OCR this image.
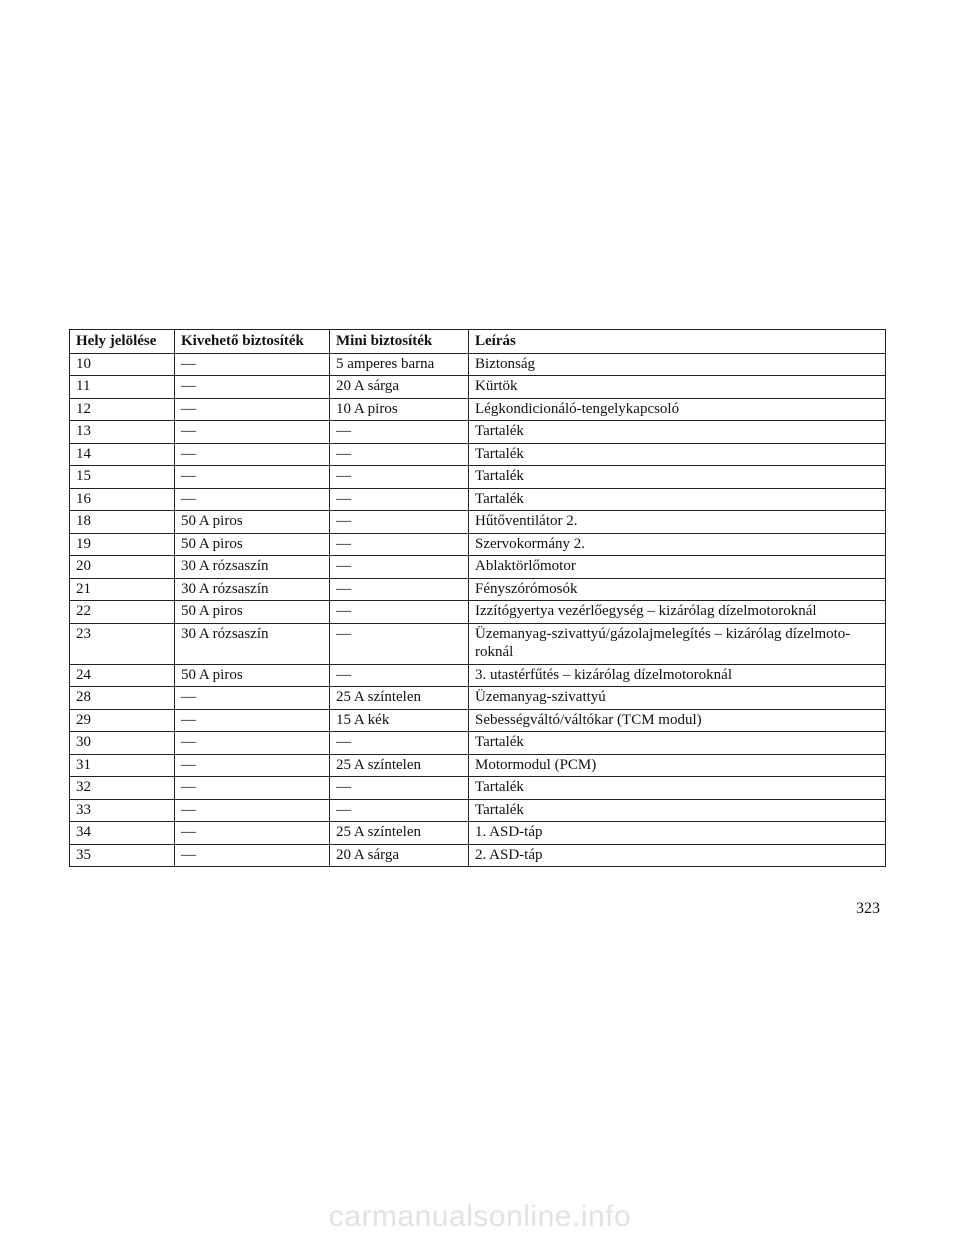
Hely jelölése	Kivehető biztosíték	Mini biztosíték	Leírás
10	—	5 amperes barna	Biztonság
11	—	20 A sárga	Kürtök
12	—	10 A piros	Légkondicionáló-tengelykapcsoló
13	—	—	Tartalék
14	—	—	Tartalék
15	—	—	Tartalék
16	—	—	Tartalék
18	50 A piros	—	Hűtőventilátor 2.
19	50 A piros	—	Szervokormány 2.
20	30 A rózsaszín	—	Ablaktörlőmotor
21	30 A rózsaszín	—	Fényszórómosók
22	50 A piros	—	Izzítógyertya vezérlőegység – kizárólag dízelmotoroknál
23	30 A rózsaszín	—	Üzemanyag-szivattyú/gázolajmelegítés – kizárólag dízelmoto-
roknál
24	50 A piros	—	3. utastérfűtés – kizárólag dízelmotoroknál
28	—	25 A színtelen	Üzemanyag-szivattyú
29	—	15 A kék	Sebességváltó/váltókar (TCM modul)
30	—	—	Tartalék
31	—	25 A színtelen	Motormodul (PCM)
32	—	—	Tartalék
33	—	—	Tartalék
34	—	25 A színtelen	1. ASD-táp
35	—	20 A sárga	2. ASD-táp
323
carmanualsonline.info
